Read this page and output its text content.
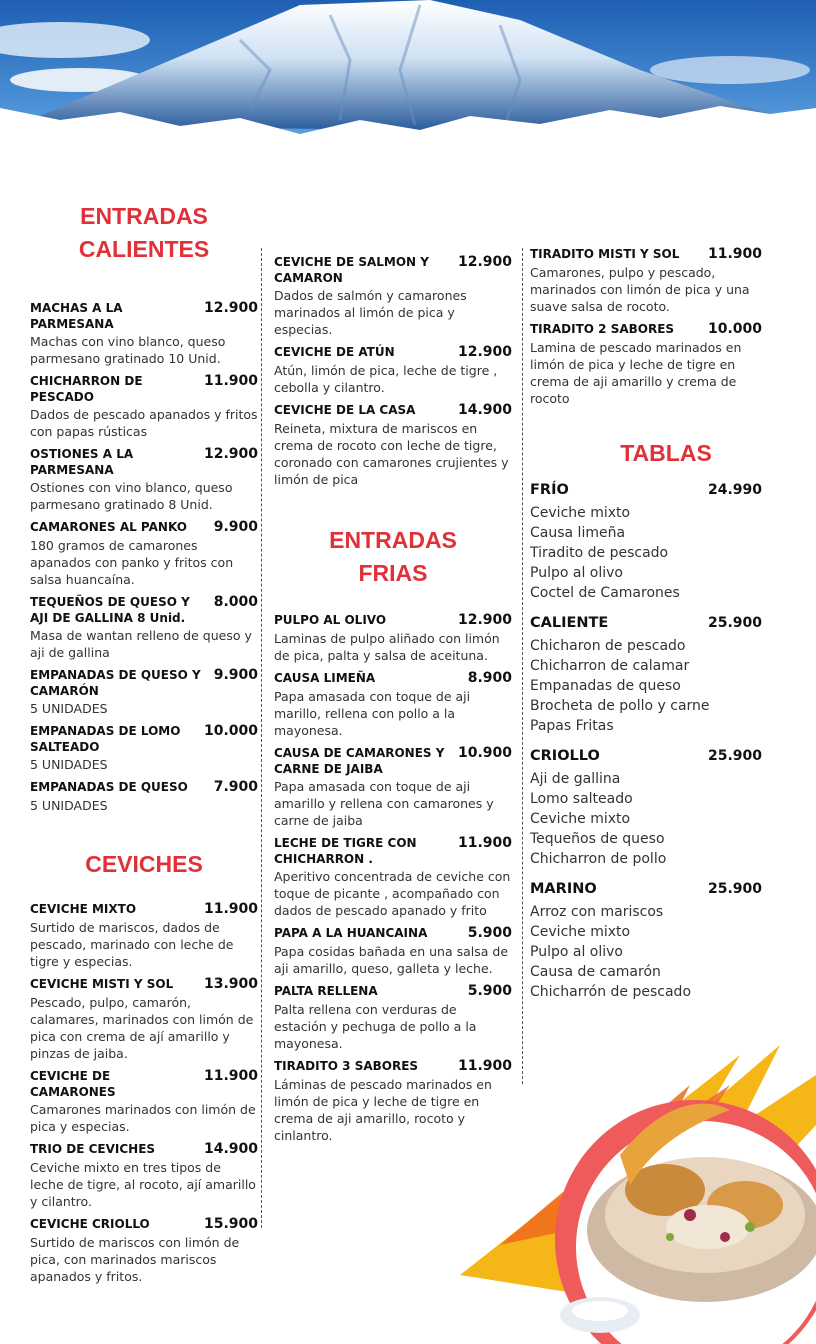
ENTRADAS
CALIENTES
MACHAS A LA PARMESANA
12.900
Machas con vino blanco, queso parmesano gratinado 10 Unid.
CHICHARRON DE PESCADO
11.900
Dados de pescado apanados y fritos con papas rústicas
OSTIONES A LA PARMESANA
12.900
Ostiones con vino blanco, queso parmesano gratinado 8 Unid.
CAMARONES AL PANKO	9.900
180 gramos de camarones apanados con panko y fritos con salsa huancaína.
TEQUEÑOS DE QUESO Y AJI DE GALLINA 8 Unid.
8.000
Masa de wantan relleno de queso y aji de gallina
EMPANADAS DE QUESO Y CAMARÓN
9.900
5 UNIDADES
EMPANADAS DE LOMO SALTEADO
10.000
5 UNIDADES
EMPANADAS DE QUESO	7.900
5 UNIDADES
CEVICHES
CEVICHE MIXTO	11.900
Surtido de mariscos, dados de pescado, marinado con leche de tigre y especias.
CEVICHE MISTI Y SOL	13.900
Pescado, pulpo, camarón, calamares, marinados con limón de pica con crema de ají amarillo y pinzas de jaiba.
CEVICHE DE CAMARONES
11.900
Camarones marinados con limón de pica y especias.
TRIO DE CEVICHES	14.900
Ceviche mixto en tres tipos de leche de tigre, al rocoto, ají amarillo y cilantro.
CEVICHE CRIOLLO	15.900
Surtido de mariscos con limón de pica, con marinados mariscos apanados y fritos.
CEVICHE DE SALMON Y CAMARON
12.900
Dados de salmón y camarones marinados al limón de pica y especias.
CEVICHE DE ATÚN	12.900
Atún, limón de pica, leche de tigre , cebolla y cilantro.
CEVICHE DE LA CASA	14.900
Reineta, mixtura de mariscos en crema de rocoto con leche de tigre, coronado con camarones crujientes y limón de pica
ENTRADAS
FRIAS
PULPO AL OLIVO	12.900
Laminas de pulpo aliñado con limón de pica, palta y salsa de aceituna.
CAUSA LIMEÑA	8.900
Papa amasada con toque de aji marillo, rellena con pollo a la mayonesa.
CAUSA DE CAMARONES Y CARNE DE JAIBA
10.900
Papa amasada con toque de aji amarillo y rellena con camarones y carne de jaiba
LECHE DE TIGRE CON CHICHARRON .
11.900
Aperitivo concentrada de ceviche con toque de picante , acompañado con dados de pescado apanado y frito
PAPA A LA HUANCAINA	5.900
Papa cosidas bañada en una salsa de aji amarillo, queso, galleta y leche.
PALTA RELLENA	5.900
Palta rellena con verduras de estación y pechuga de pollo a la mayonesa.
TIRADITO 3 SABORES	11.900
Láminas de pescado marinados en limón de pica y leche de tigre en crema de aji amarillo, rocoto y cinlantro.
TIRADITO MISTI Y SOL	11.900
Camarones, pulpo y pescado, marinados con limón de pica y una suave salsa de rocoto.
TIRADITO 2 SABORES	10.000
Lamina de pescado marinados en limón de pica y leche de tigre en crema de aji amarillo y crema de rocoto
TABLAS
FRÍO	24.990
Ceviche mixto
Causa limeña
Tiradito de pescado
Pulpo al olivo
Coctel de Camarones
CALIENTE	25.900
Chicharon de pescado
Chicharron de calamar
Empanadas de queso
Brocheta de pollo y carne
Papas Fritas
CRIOLLO	25.900
Aji de gallina
Lomo salteado
Ceviche mixto
Tequeños de queso
Chicharron de pollo
MARINO	25.900
Arroz con mariscos
Ceviche mixto
Pulpo al olivo
Causa de camarón
Chicharrón de pescado
